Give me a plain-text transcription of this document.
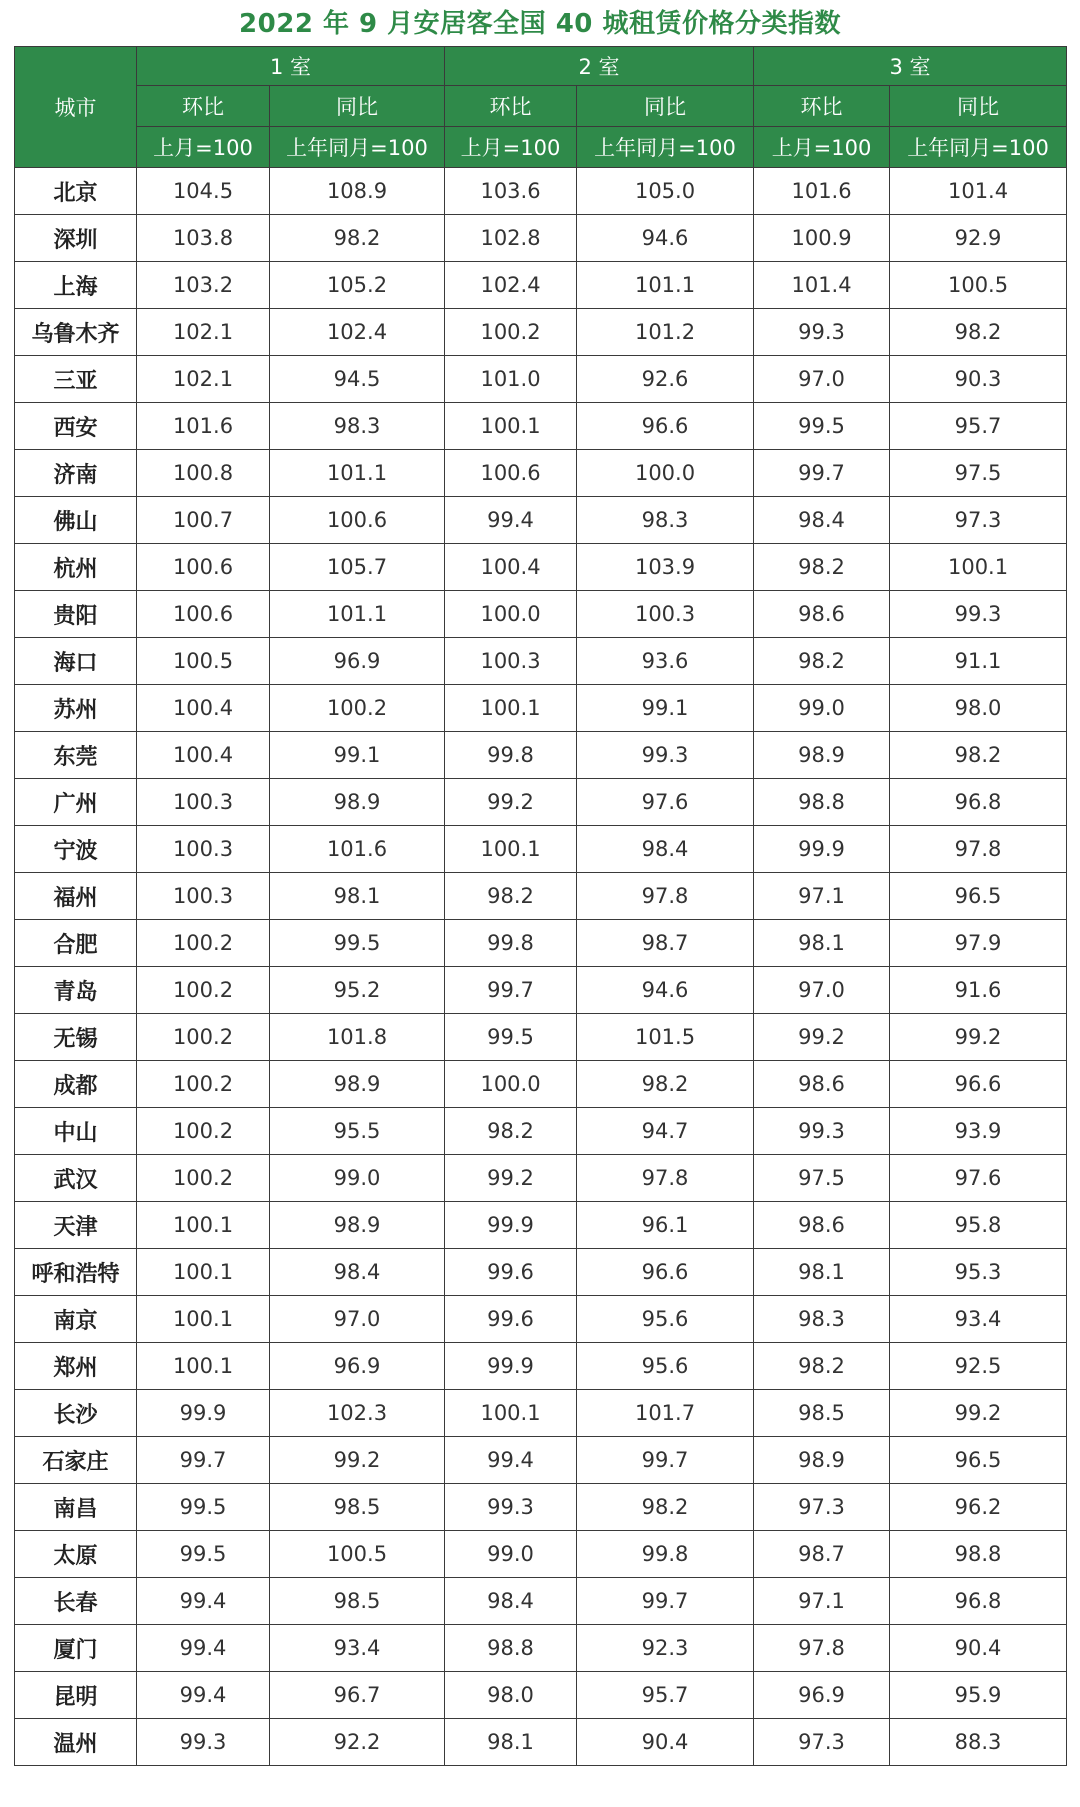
2022 年 9 月安居客全国 40 城租赁价格分类指数
城市	1 室		2 室		3 室	
	环比	同比	环比	同比	环比	同比
	上月=100	上年同月=100	上月=100	上年同月=100	上月=100	上年同月=100
北京	104.5	108.9	103.6	105.0	101.6	101.4
深圳	103.8	98.2	102.8	94.6	100.9	92.9
上海	103.2	105.2	102.4	101.1	101.4	100.5
乌鲁木齐	102.1	102.4	100.2	101.2	99.3	98.2
三亚	102.1	94.5	101.0	92.6	97.0	90.3
西安	101.6	98.3	100.1	96.6	99.5	95.7
济南	100.8	101.1	100.6	100.0	99.7	97.5
佛山	100.7	100.6	99.4	98.3	98.4	97.3
杭州	100.6	105.7	100.4	103.9	98.2	100.1
贵阳	100.6	101.1	100.0	100.3	98.6	99.3
海口	100.5	96.9	100.3	93.6	98.2	91.1
苏州	100.4	100.2	100.1	99.1	99.0	98.0
东莞	100.4	99.1	99.8	99.3	98.9	98.2
广州	100.3	98.9	99.2	97.6	98.8	96.8
宁波	100.3	101.6	100.1	98.4	99.9	97.8
福州	100.3	98.1	98.2	97.8	97.1	96.5
合肥	100.2	99.5	99.8	98.7	98.1	97.9
青岛	100.2	95.2	99.7	94.6	97.0	91.6
无锡	100.2	101.8	99.5	101.5	99.2	99.2
成都	100.2	98.9	100.0	98.2	98.6	96.6
中山	100.2	95.5	98.2	94.7	99.3	93.9
武汉	100.2	99.0	99.2	97.8	97.5	97.6
天津	100.1	98.9	99.9	96.1	98.6	95.8
呼和浩特	100.1	98.4	99.6	96.6	98.1	95.3
南京	100.1	97.0	99.6	95.6	98.3	93.4
郑州	100.1	96.9	99.9	95.6	98.2	92.5
长沙	99.9	102.3	100.1	101.7	98.5	99.2
石家庄	99.7	99.2	99.4	99.7	98.9	96.5
南昌	99.5	98.5	99.3	98.2	97.3	96.2
太原	99.5	100.5	99.0	99.8	98.7	98.8
长春	99.4	98.5	98.4	99.7	97.1	96.8
厦门	99.4	93.4	98.8	92.3	97.8	90.4
昆明	99.4	96.7	98.0	95.7	96.9	95.9
温州	99.3	92.2	98.1	90.4	97.3	88.3
